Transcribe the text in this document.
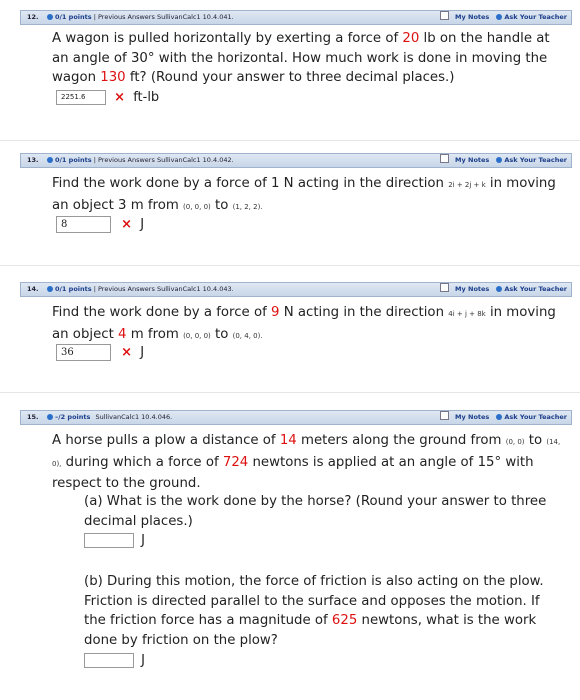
12.	0/1 points | Previous Answers SullivanCalc1 10.4.041.	My Notes Ask Your Teacher
A wagon is pulled horizontally by exerting a force of 20 lb on the handle at an angle of 30° with the horizontal. How much work is done in moving the wagon 130 ft? (Round your answer to three decimal places.)
2251.6 × ft-lb
13.	0/1 points | Previous Answers SullivanCalc1 10.4.042.	My Notes Ask Your Teacher
Find the work done by a force of 1 N acting in the direction 2i + 2j + k in moving an object 3 m from (0, 0, 0) to (1, 2, 2).
8	× J
14.	0/1 points | Previous Answers SullivanCalc1 10.4.043.	My Notes Ask Your Teacher
Find the work done by a force of 9 N acting in the direction 4i + j + 8k in moving an object 4 m from (0, 0, 0) to (0, 4, 0).
36	× J
15.	–/2 points SullivanCalc1 10.4.046.	My Notes Ask Your Teacher
A horse pulls a plow a distance of 14 meters along the ground from (0, 0) to (14, 0), during which a force of 724 newtons is applied at an angle of 15° with respect to the ground.
(a) What is the work done by the horse? (Round your answer to three decimal places.)
J
(b) During this motion, the force of friction is also acting on the plow. Friction is directed parallel to the surface and opposes the motion. If the friction force has a magnitude of 625 newtons, what is the work done by friction on the plow?
J
